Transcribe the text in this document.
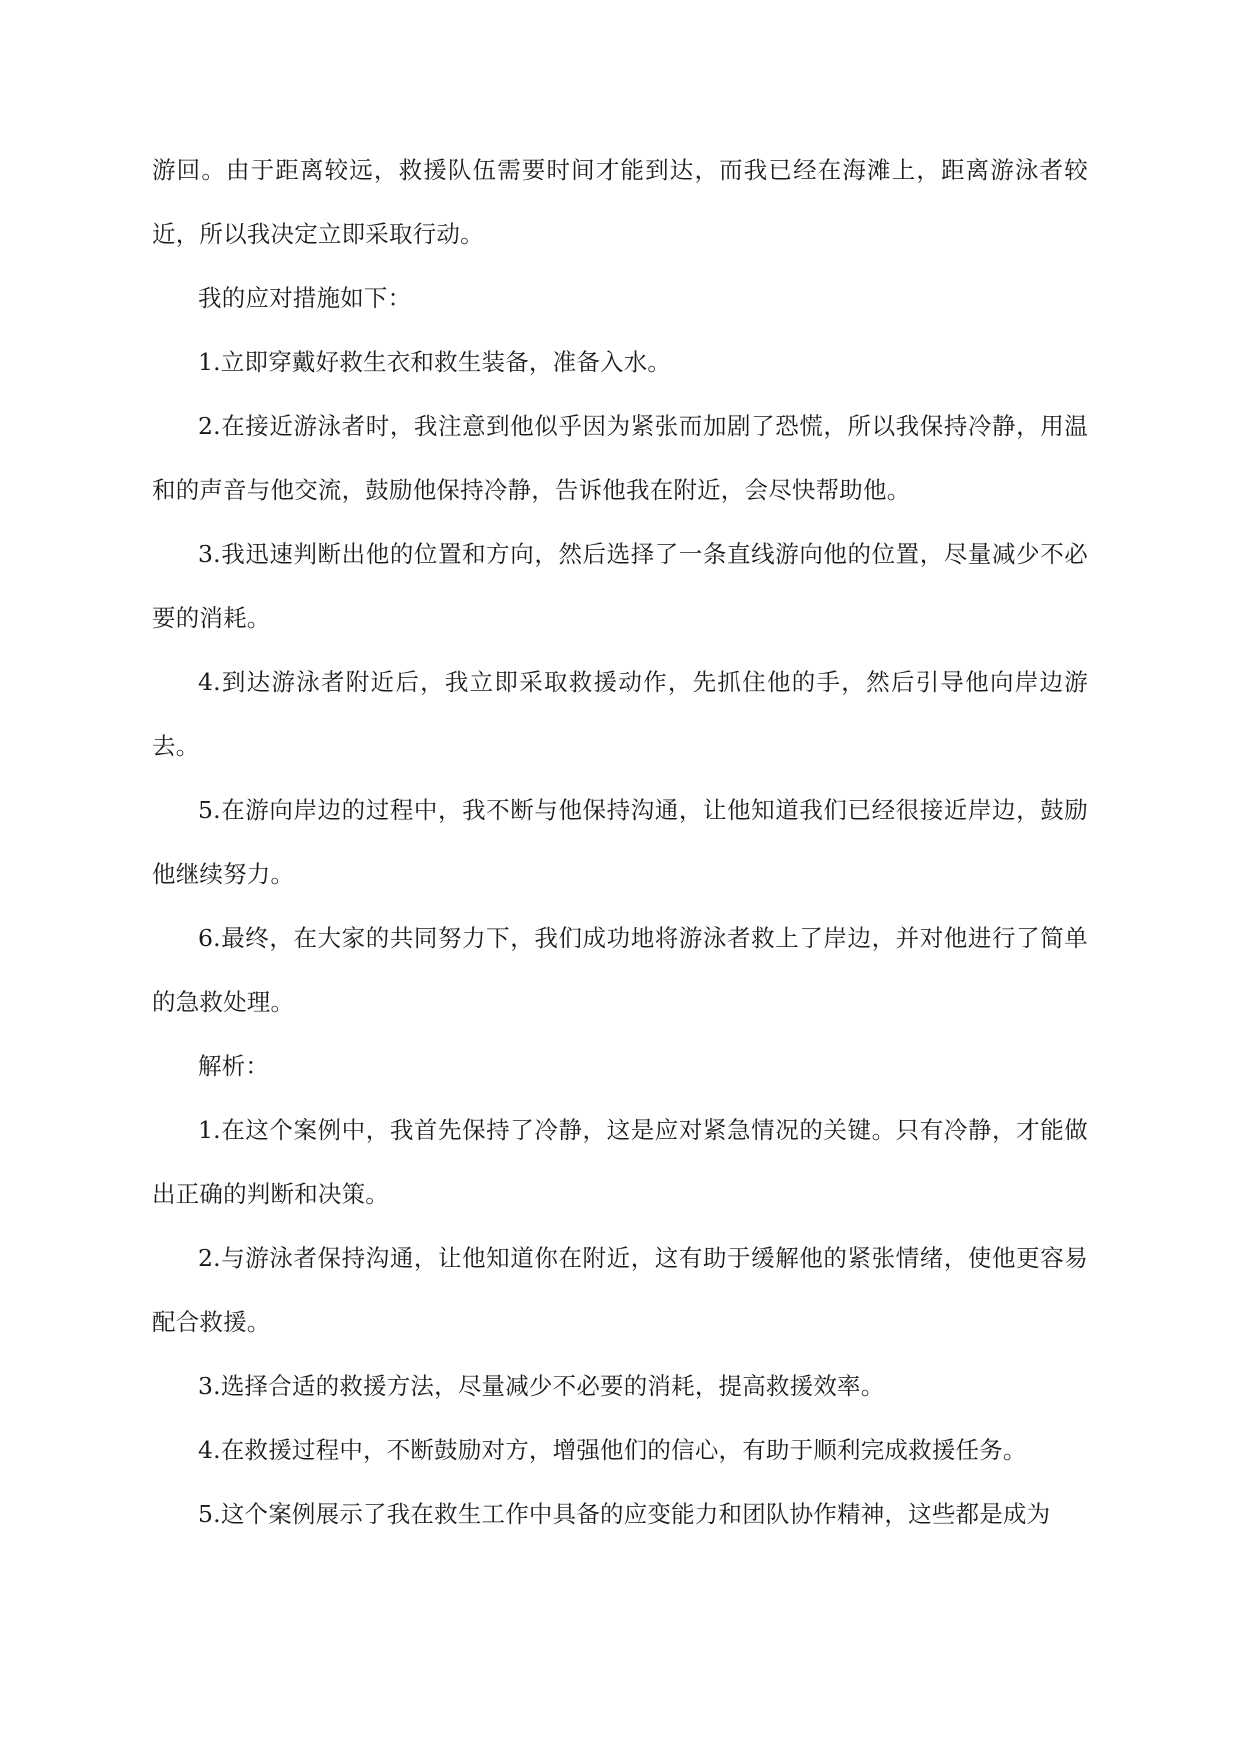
游回。由于距离较远，救援队伍需要时间才能到达，而我已经在海滩上，距离游泳者较近，所以我决定立即采取行动。

我的应对措施如下：

1.立即穿戴好救生衣和救生装备，准备入水。

2.在接近游泳者时，我注意到他似乎因为紧张而加剧了恐慌，所以我保持冷静，用温和的声音与他交流，鼓励他保持冷静，告诉他我在附近，会尽快帮助他。

3.我迅速判断出他的位置和方向，然后选择了一条直线游向他的位置，尽量减少不必要的消耗。

4.到达游泳者附近后，我立即采取救援动作，先抓住他的手，然后引导他向岸边游去。

5.在游向岸边的过程中，我不断与他保持沟通，让他知道我们已经很接近岸边，鼓励他继续努力。

6.最终，在大家的共同努力下，我们成功地将游泳者救上了岸边，并对他进行了简单的急救处理。

解析：

1.在这个案例中，我首先保持了冷静，这是应对紧急情况的关键。只有冷静，才能做出正确的判断和决策。

2.与游泳者保持沟通，让他知道你在附近，这有助于缓解他的紧张情绪，使他更容易配合救援。

3.选择合适的救援方法，尽量减少不必要的消耗，提高救援效率。

4.在救援过程中，不断鼓励对方，增强他们的信心，有助于顺利完成救援任务。

5.这个案例展示了我在救生工作中具备的应变能力和团队协作精神，这些都是成为
